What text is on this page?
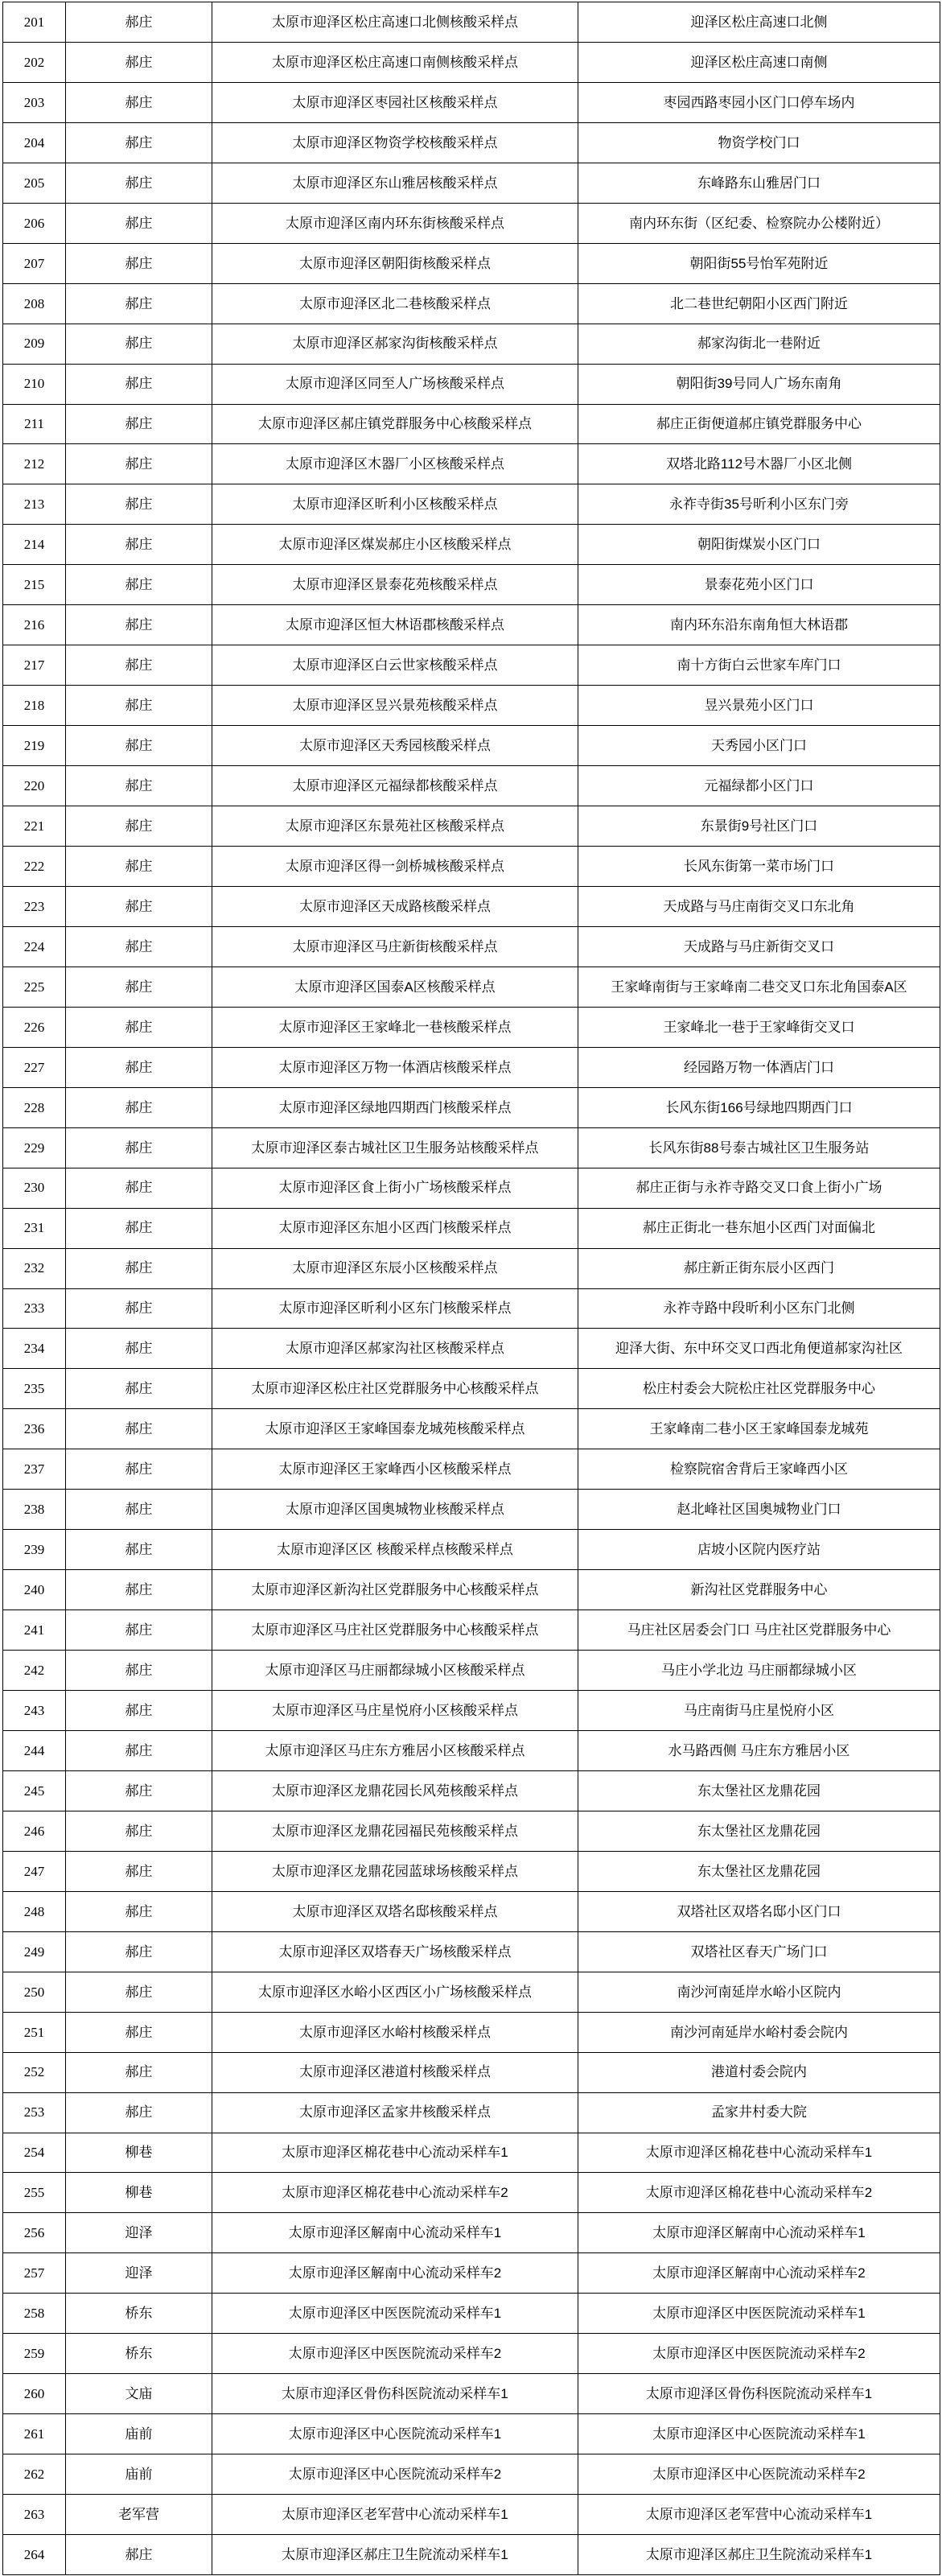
201	郝庄	太原市迎泽区松庄高速口北侧核酸采样点	迎泽区松庄高速口北侧
202	郝庄	太原市迎泽区松庄高速口南侧核酸采样点	迎泽区松庄高速口南侧
203	郝庄	太原市迎泽区枣园社区核酸采样点	枣园西路枣园小区门口停车场内
204	郝庄	太原市迎泽区物资学校核酸采样点	物资学校门口
205	郝庄	太原市迎泽区东山雅居核酸采样点	东峰路东山雅居门口
206	郝庄	太原市迎泽区南内环东街核酸采样点	南内环东街（区纪委、检察院办公楼附近）
207	郝庄	太原市迎泽区朝阳街核酸采样点	朝阳街55号怡军苑附近
208	郝庄	太原市迎泽区北二巷核酸采样点	北二巷世纪朝阳小区西门附近
209	郝庄	太原市迎泽区郝家沟街核酸采样点	郝家沟街北一巷附近
210	郝庄	太原市迎泽区同至人广场核酸采样点	朝阳街39号同人广场东南角
211	郝庄	太原市迎泽区郝庄镇党群服务中心核酸采样点	郝庄正街便道郝庄镇党群服务中心
212	郝庄	太原市迎泽区木器厂小区核酸采样点	双塔北路112号木器厂小区北侧
213	郝庄	太原市迎泽区昕利小区核酸采样点	永祚寺街35号昕利小区东门旁
214	郝庄	太原市迎泽区煤炭郝庄小区核酸采样点	朝阳街煤炭小区门口
215	郝庄	太原市迎泽区景泰花苑核酸采样点	景泰花苑小区门口
216	郝庄	太原市迎泽区恒大林语郡核酸采样点	南内环东沿东南角恒大林语郡
217	郝庄	太原市迎泽区白云世家核酸采样点	南十方街白云世家车库门口
218	郝庄	太原市迎泽区昱兴景苑核酸采样点	昱兴景苑小区门口
219	郝庄	太原市迎泽区天秀园核酸采样点	天秀园小区门口
220	郝庄	太原市迎泽区元福绿都核酸采样点	元福绿都小区门口
221	郝庄	太原市迎泽区东景苑社区核酸采样点	东景街9号社区门口
222	郝庄	太原市迎泽区得一剑桥城核酸采样点	长风东街第一菜市场门口
223	郝庄	太原市迎泽区天成路核酸采样点	天成路与马庄南街交叉口东北角
224	郝庄	太原市迎泽区马庄新街核酸采样点	天成路与马庄新街交叉口
225	郝庄	太原市迎泽区国泰A区核酸采样点	王家峰南街与王家峰南二巷交叉口东北角国泰A区
226	郝庄	太原市迎泽区王家峰北一巷核酸采样点	王家峰北一巷于王家峰街交叉口
227	郝庄	太原市迎泽区万物一体酒店核酸采样点	经园路万物一体酒店门口
228	郝庄	太原市迎泽区绿地四期西门核酸采样点	长风东街166号绿地四期西门口
229	郝庄	太原市迎泽区泰古城社区卫生服务站核酸采样点	长风东街88号泰古城社区卫生服务站
230	郝庄	太原市迎泽区食上街小广场核酸采样点	郝庄正街与永祚寺路交叉口食上街小广场
231	郝庄	太原市迎泽区东旭小区西门核酸采样点	郝庄正街北一巷东旭小区西门对面偏北
232	郝庄	太原市迎泽区东辰小区核酸采样点	郝庄新正街东辰小区西门
233	郝庄	太原市迎泽区昕利小区东门核酸采样点	永祚寺路中段昕利小区东门北侧
234	郝庄	太原市迎泽区郝家沟社区核酸采样点	迎泽大街、东中环交叉口西北角便道郝家沟社区
235	郝庄	太原市迎泽区松庄社区党群服务中心核酸采样点	松庄村委会大院松庄社区党群服务中心
236	郝庄	太原市迎泽区王家峰国泰龙城苑核酸采样点	王家峰南二巷小区王家峰国泰龙城苑
237	郝庄	太原市迎泽区王家峰西小区核酸采样点	检察院宿舍背后王家峰西小区
238	郝庄	太原市迎泽区国奥城物业核酸采样点	赵北峰社区国奥城物业门口
239	郝庄	太原市迎泽区区 核酸采样点核酸采样点	店坡小区院内医疗站
240	郝庄	太原市迎泽区新沟社区党群服务中心核酸采样点	新沟社区党群服务中心
241	郝庄	太原市迎泽区马庄社区党群服务中心核酸采样点	马庄社区居委会门口 马庄社区党群服务中心
242	郝庄	太原市迎泽区马庄丽都绿城小区核酸采样点	马庄小学北边 马庄丽都绿城小区
243	郝庄	太原市迎泽区马庄星悦府小区核酸采样点	马庄南街马庄星悦府小区
244	郝庄	太原市迎泽区马庄东方雅居小区核酸采样点	水马路西侧 马庄东方雅居小区
245	郝庄	太原市迎泽区龙鼎花园长风苑核酸采样点	东太堡社区龙鼎花园
246	郝庄	太原市迎泽区龙鼎花园福民苑核酸采样点	东太堡社区龙鼎花园
247	郝庄	太原市迎泽区龙鼎花园蓝球场核酸采样点	东太堡社区龙鼎花园
248	郝庄	太原市迎泽区双塔名邸核酸采样点	双塔社区双塔名邸小区门口
249	郝庄	太原市迎泽区双塔春天广场核酸采样点	双塔社区春天广场门口
250	郝庄	太原市迎泽区水峪小区西区小广场核酸采样点	南沙河南延岸水峪小区院内
251	郝庄	太原市迎泽区水峪村核酸采样点	南沙河南延岸水峪村委会院内
252	郝庄	太原市迎泽区港道村核酸采样点	港道村委会院内
253	郝庄	太原市迎泽区孟家井核酸采样点	孟家井村委大院
254	柳巷	太原市迎泽区棉花巷中心流动采样车1	太原市迎泽区棉花巷中心流动采样车1
255	柳巷	太原市迎泽区棉花巷中心流动采样车2	太原市迎泽区棉花巷中心流动采样车2
256	迎泽	太原市迎泽区解南中心流动采样车1	太原市迎泽区解南中心流动采样车1
257	迎泽	太原市迎泽区解南中心流动采样车2	太原市迎泽区解南中心流动采样车2
258	桥东	太原市迎泽区中医医院流动采样车1	太原市迎泽区中医医院流动采样车1
259	桥东	太原市迎泽区中医医院流动采样车2	太原市迎泽区中医医院流动采样车2
260	文庙	太原市迎泽区骨伤科医院流动采样车1	太原市迎泽区骨伤科医院流动采样车1
261	庙前	太原市迎泽区中心医院流动采样车1	太原市迎泽区中心医院流动采样车1
262	庙前	太原市迎泽区中心医院流动采样车2	太原市迎泽区中心医院流动采样车2
263	老军营	太原市迎泽区老军营中心流动采样车1	太原市迎泽区老军营中心流动采样车1
264	郝庄	太原市迎泽区郝庄卫生院流动采样车1	太原市迎泽区郝庄卫生院流动采样车1
